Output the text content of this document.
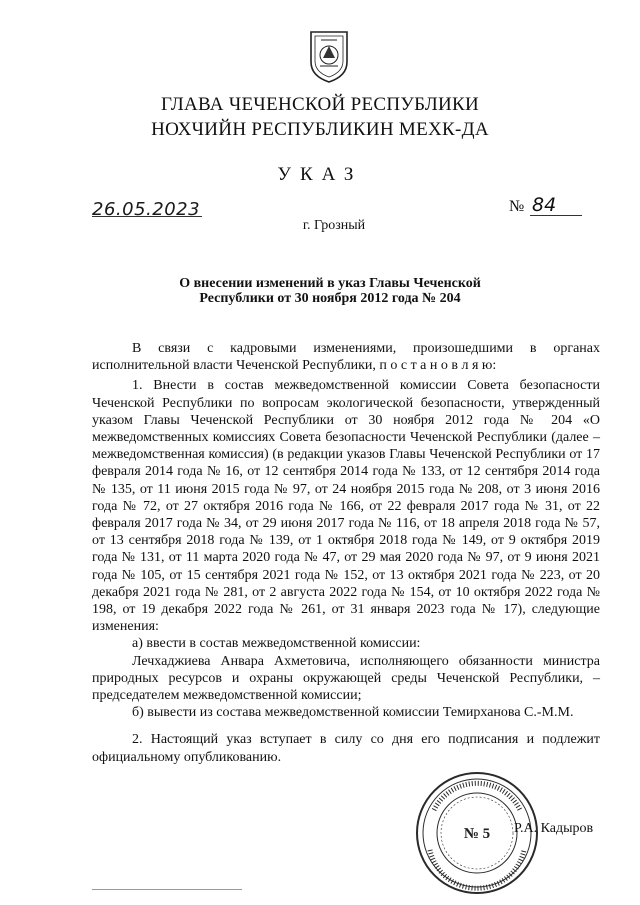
ГЛАВА ЧЕЧЕНСКОЙ РЕСПУБЛИКИ
НОХЧИЙН РЕСПУБЛИКИН МЕХК-ДА
УКАЗ
26.05.2023	№ 84
г. Грозный
О внесении изменений в указ Главы Чеченской Республики от 30 ноября 2012 года № 204

В связи с кадровыми изменениями, произошедшими в органах исполнительной власти Чеченской Республики, п о с т а н о в л я ю:

1. Внести в состав межведомственной комиссии Совета безопасности Чеченской Республики по вопросам экологической безопасности, утвержденный указом Главы Чеченской Республики от 30 ноября 2012 года № 204 «О межведомственных комиссиях Совета безопасности Чеченской Республики (далее – межведомственная комиссия) (в редакции указов Главы Чеченской Республики от 17 февраля 2014 года № 16, от 12 сентября 2014 года № 133, от 12 сентября 2014 года № 135, от 11 июня 2015 года № 97, от 24 ноября 2015 года № 208, от 3 июня 2016 года № 72, от 27 октября 2016 года № 166, от 22 февраля 2017 года № 31, от 22 февраля 2017 года № 34, от 29 июня 2017 года № 116, от 18 апреля 2018 года № 57, от 13 сентября 2018 года № 139, от 1 октября 2018 года № 149, от 9 октября 2019 года № 131, от 11 марта 2020 года № 47, от 29 мая 2020 года № 97, от 9 июня 2021 года № 105, от 15 сентября 2021 года № 152, от 13 октября 2021 года № 223, от 20 декабря 2021 года № 281, от 2 августа 2022 года № 154, от 10 октября 2022 года № 198, от 19 декабря 2022 года № 261, от 31 января 2023 года № 17), следующие изменения:

а) ввести в состав межведомственной комиссии:

Лечхаджиева Анвара Ахметовича, исполняющего обязанности министра природных ресурсов и охраны окружающей среды Чеченской Республики, – председателем межведомственной комиссии;

б) вывести из состава межведомственной комиссии Темирханова С.-М.М.

2. Настоящий указ вступает в силу со дня его подписания и подлежит официальному опубликованию.

№ 5 Р.А. Кадыров
